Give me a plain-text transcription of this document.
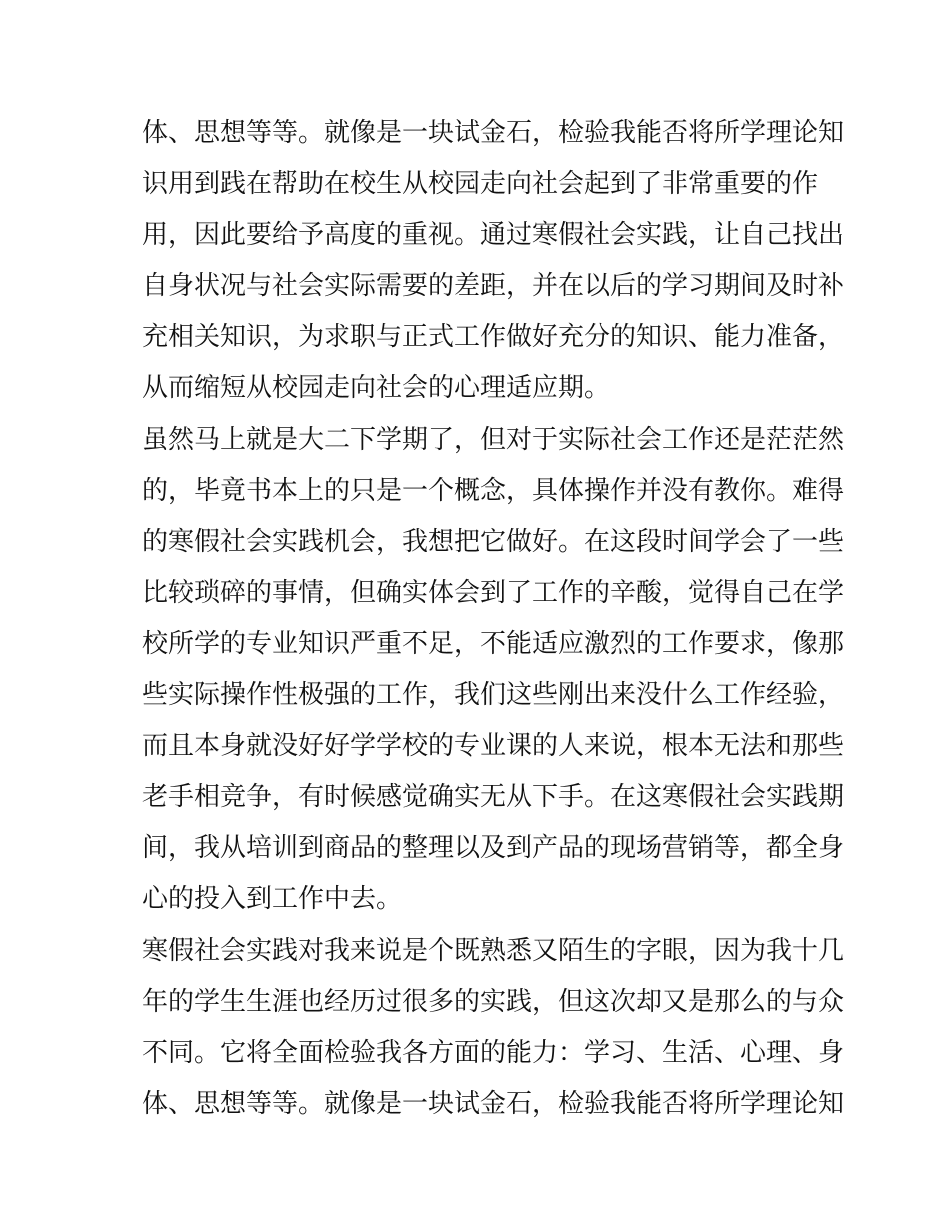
体、思想等等。就像是一块试金石，检验我能否将所学理论知
识用到践在帮助在校生从校园走向社会起到了非常重要的作
用，因此要给予高度的重视。通过寒假社会实践，让自己找出
自身状况与社会实际需要的差距，并在以后的学习期间及时补
充相关知识，为求职与正式工作做好充分的知识、能力准备，
从而缩短从校园走向社会的心理适应期。
虽然马上就是大二下学期了，但对于实际社会工作还是茫茫然
的，毕竟书本上的只是一个概念，具体操作并没有教你。难得
的寒假社会实践机会，我想把它做好。在这段时间学会了一些
比较琐碎的事情，但确实体会到了工作的辛酸，觉得自己在学
校所学的专业知识严重不足，不能适应激烈的工作要求，像那
些实际操作性极强的工作，我们这些刚出来没什么工作经验，
而且本身就没好好学学校的专业课的人来说，根本无法和那些
老手相竞争，有时候感觉确实无从下手。在这寒假社会实践期
间，我从培训到商品的整理以及到产品的现场营销等，都全身
心的投入到工作中去。
寒假社会实践对我来说是个既熟悉又陌生的字眼，因为我十几
年的学生生涯也经历过很多的实践，但这次却又是那么的与众
不同。它将全面检验我各方面的能力：学习、生活、心理、身
体、思想等等。就像是一块试金石，检验我能否将所学理论知
